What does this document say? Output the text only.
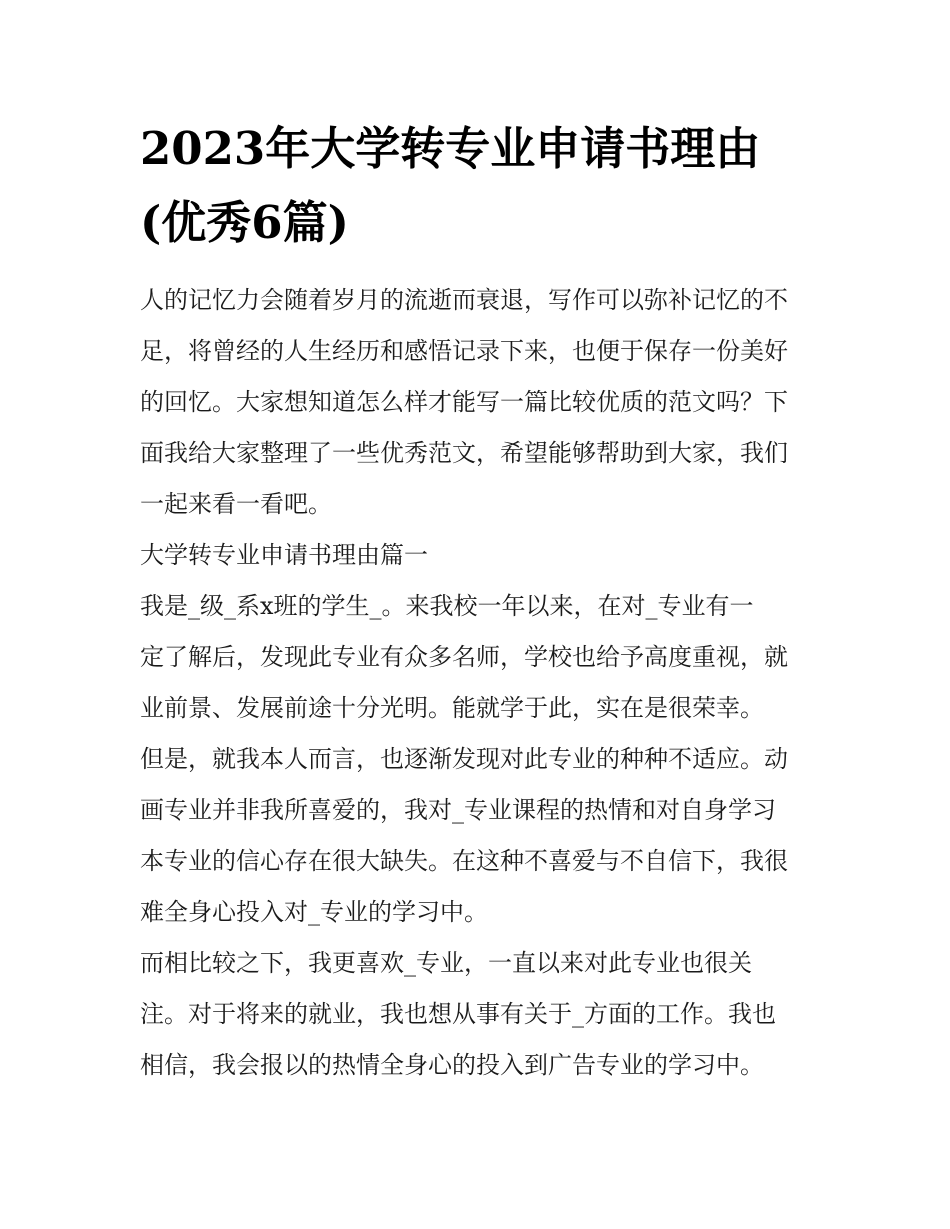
2023年大学转专业申请书理由
(优秀6篇)
人的记忆力会随着岁月的流逝而衰退，写作可以弥补记忆的不
足，将曾经的人生经历和感悟记录下来，也便于保存一份美好
的回忆。大家想知道怎么样才能写一篇比较优质的范文吗？下
面我给大家整理了一些优秀范文，希望能够帮助到大家，我们
一起来看一看吧。
大学转专业申请书理由篇一
我是_级_系x班的学生_。来我校一年以来，在对_专业有一
定了解后，发现此专业有众多名师，学校也给予高度重视，就
业前景、发展前途十分光明。能就学于此，实在是很荣幸。
但是，就我本人而言，也逐渐发现对此专业的种种不适应。动
画专业并非我所喜爱的，我对_专业课程的热情和对自身学习
本专业的信心存在很大缺失。在这种不喜爱与不自信下，我很
难全身心投入对_专业的学习中。
而相比较之下，我更喜欢_专业，一直以来对此专业也很关
注。对于将来的就业，我也想从事有关于_方面的工作。我也
相信，我会报以的热情全身心的投入到广告专业的学习中。
